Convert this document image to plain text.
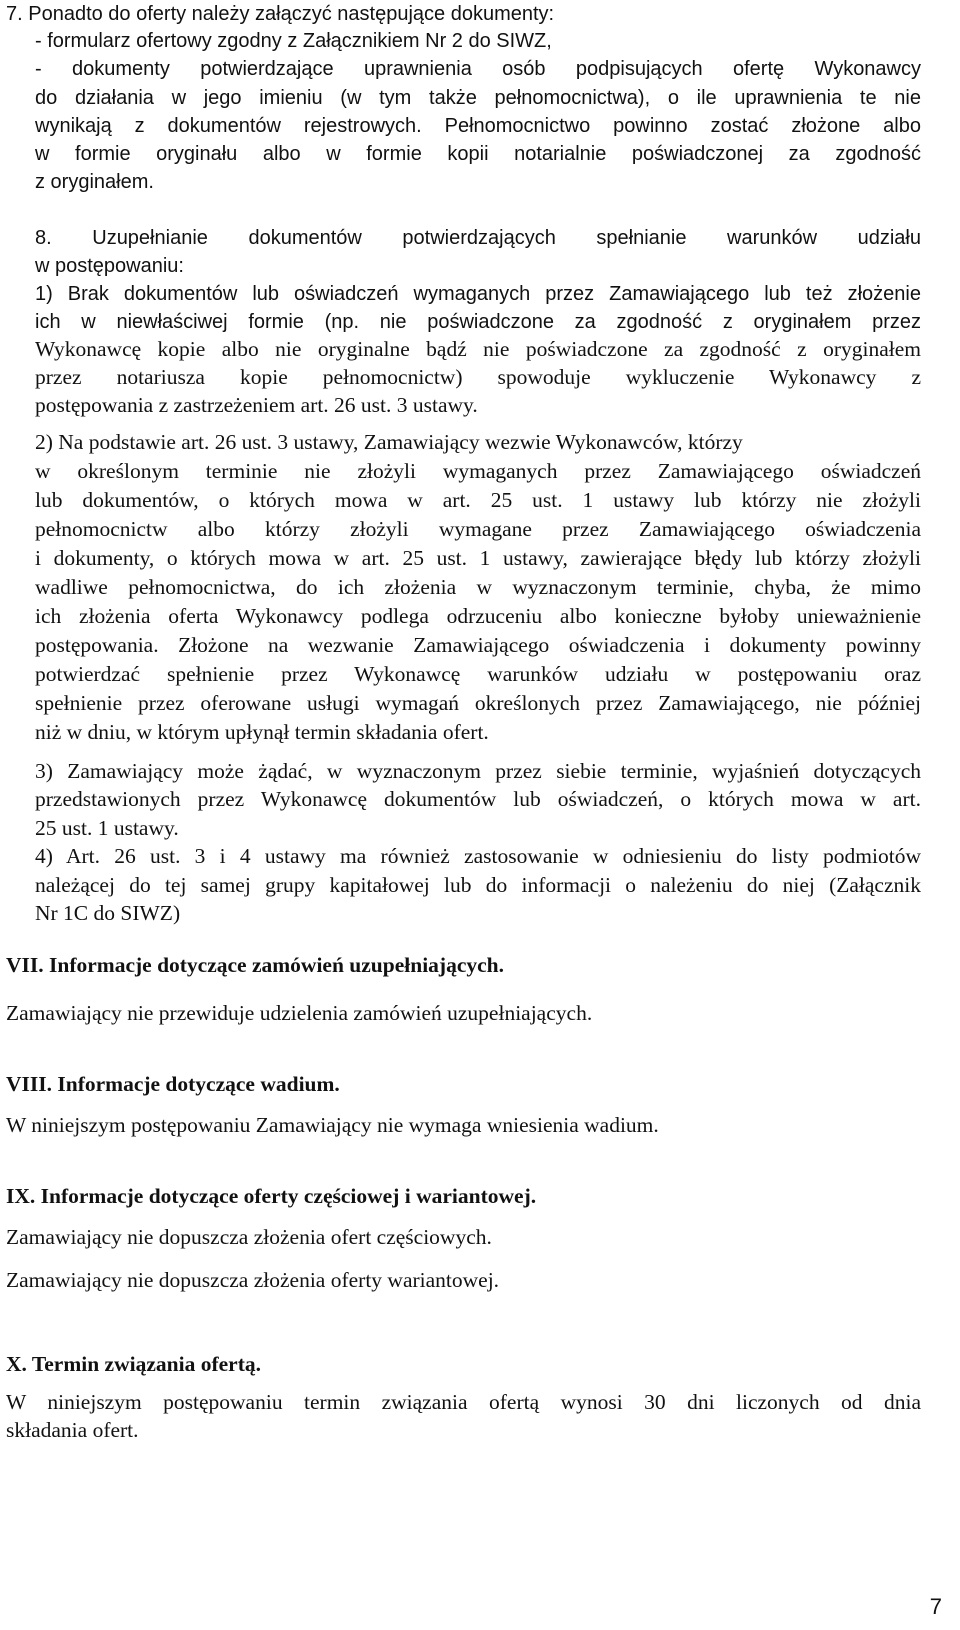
7. Ponadto do oferty należy załączyć następujące dokumenty:
- formularz ofertowy zgodny z Załącznikiem Nr 2 do SIWZ,
- dokumenty potwierdzające uprawnienia osób podpisujących ofertę Wykonawcy
do działania w jego imieniu (w tym także pełnomocnictwa), o ile uprawnienia te nie
wynikają z dokumentów rejestrowych. Pełnomocnictwo powinno zostać złożone albo
w formie oryginału albo w formie kopii notarialnie poświadczonej za zgodność
z oryginałem.
8. Uzupełnianie dokumentów potwierdzających spełnianie warunków udziału
w postępowaniu:
1) Brak dokumentów lub oświadczeń wymaganych przez Zamawiającego lub też złożenie
ich w niewłaściwej formie (np. nie poświadczone za zgodność z oryginałem przez
Wykonawcę kopie albo nie oryginalne bądź nie poświadczone za zgodność z oryginałem
przez notariusza kopie pełnomocnictw) spowoduje wykluczenie Wykonawcy z
postępowania z zastrzeżeniem art. 26 ust. 3 ustawy.
2) Na podstawie art. 26 ust. 3 ustawy, Zamawiający wezwie Wykonawców, którzy
w określonym terminie nie złożyli wymaganych przez Zamawiającego oświadczeń
lub dokumentów, o których mowa w art. 25 ust. 1 ustawy lub którzy nie złożyli
pełnomocnictw albo którzy złożyli wymagane przez Zamawiającego oświadczenia
i dokumenty, o których mowa w art. 25 ust. 1 ustawy, zawierające błędy lub którzy złożyli
wadliwe pełnomocnictwa, do ich złożenia w wyznaczonym terminie, chyba, że mimo
ich złożenia oferta Wykonawcy podlega odrzuceniu albo konieczne byłoby unieważnienie
postępowania. Złożone na wezwanie Zamawiającego oświadczenia i dokumenty powinny
potwierdzać spełnienie przez Wykonawcę warunków udziału w postępowaniu oraz
spełnienie przez oferowane usługi wymagań określonych przez Zamawiającego, nie później
niż w dniu, w którym upłynął termin składania ofert.
3) Zamawiający może żądać, w wyznaczonym przez siebie terminie, wyjaśnień dotyczących
przedstawionych przez Wykonawcę dokumentów lub oświadczeń, o których mowa w art.
25 ust. 1 ustawy.
4) Art. 26 ust. 3 i 4 ustawy ma również zastosowanie w odniesieniu do listy podmiotów
należącej do tej samej grupy kapitałowej lub do informacji o należeniu do niej (Załącznik
Nr 1C do SIWZ)
VII. Informacje dotyczące zamówień uzupełniających.
Zamawiający nie przewiduje udzielenia zamówień uzupełniających.
VIII. Informacje dotyczące wadium.
W niniejszym postępowaniu Zamawiający nie wymaga wniesienia wadium.
IX. Informacje dotyczące oferty częściowej i wariantowej.
Zamawiający nie dopuszcza złożenia ofert częściowych.
Zamawiający nie dopuszcza złożenia oferty wariantowej.
X. Termin związania ofertą.
W niniejszym postępowaniu termin związania ofertą wynosi 30 dni liczonych od dnia
składania ofert.
7
